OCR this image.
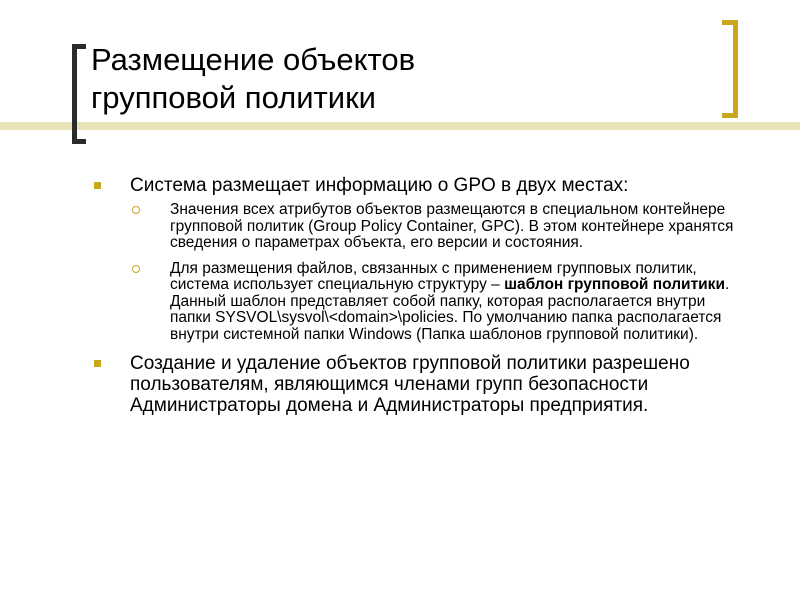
Размещение объектов
групповой политики
Система размещает информацию о GPO в двух местах:
Значения всех атрибутов объектов размещаются в специальном контейнере групповой политик (Group Policy Container, GPC). В этом контейнере хранятся сведения о параметрах объекта, его версии и состояния.
Для размещения файлов, связанных с применением групповых политик, система использует специальную структуру – шаблон групповой политики. Данный шаблон представляет собой папку, которая располагается внутри папки SYSVOL\sysvol\<domain>\policies. По умолчанию папка располагается внутри системной папки Windows (Папка шаблонов групповой политики).
Создание и удаление объектов групповой политики разрешено пользователям, являющимся членами групп безопасности Администраторы домена и Администраторы предприятия.
